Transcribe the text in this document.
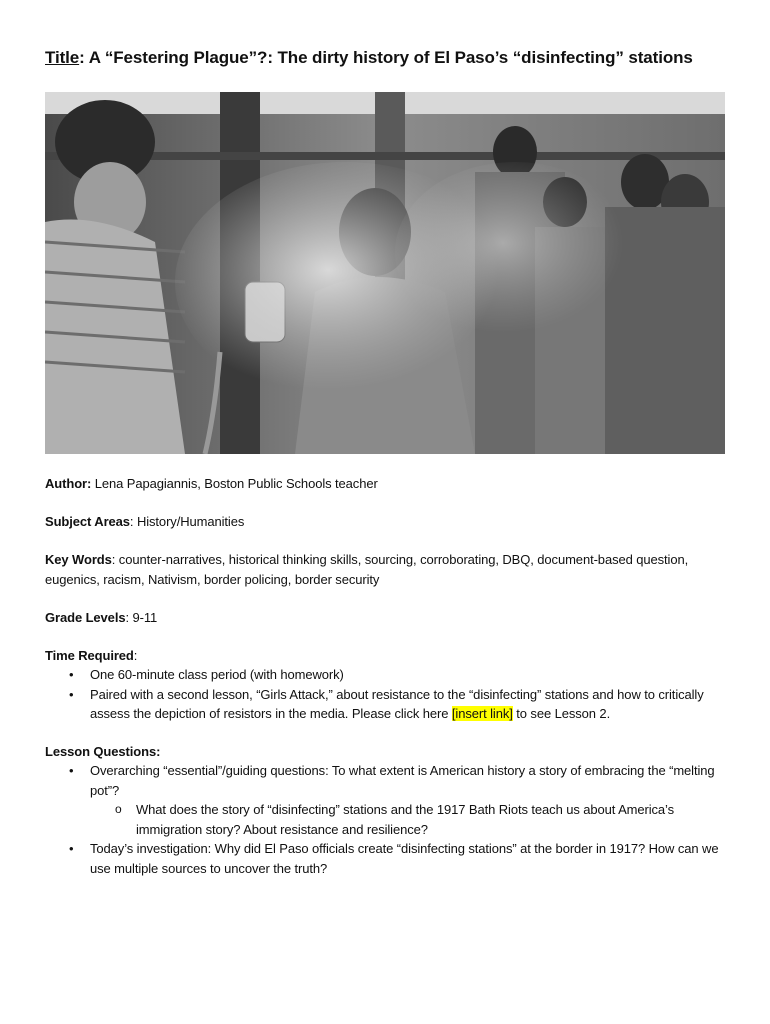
Title: A “Festering Plague”?: The dirty history of El Paso’s “disinfecting” stations

Author: Lena Papagiannis, Boston Public Schools teacher

Subject Areas: History/Humanities

Key Words: counter-narratives, historical thinking skills, sourcing, corroborating, DBQ, document-based question, eugenics, racism, Nativism, border policing, border security

Grade Levels: 9-11

Time Required:

• One 60-minute class period (with homework)
• Paired with a second lesson, “Girls Attack,” about resistance to the “disinfecting” stations and how to critically assess the depiction of resistors in the media. Please click here [insert link] to see Lesson 2.

Lesson Questions:

• Overarching “essential”/guiding questions: To what extent is American history a story of embracing the “melting pot”?
o What does the story of “disinfecting” stations and the 1917 Bath Riots teach us about America’s immigration story? About resistance and resilience?
• Today’s investigation: Why did El Paso officials create “disinfecting stations” at the border in 1917? How can we use multiple sources to uncover the truth?
